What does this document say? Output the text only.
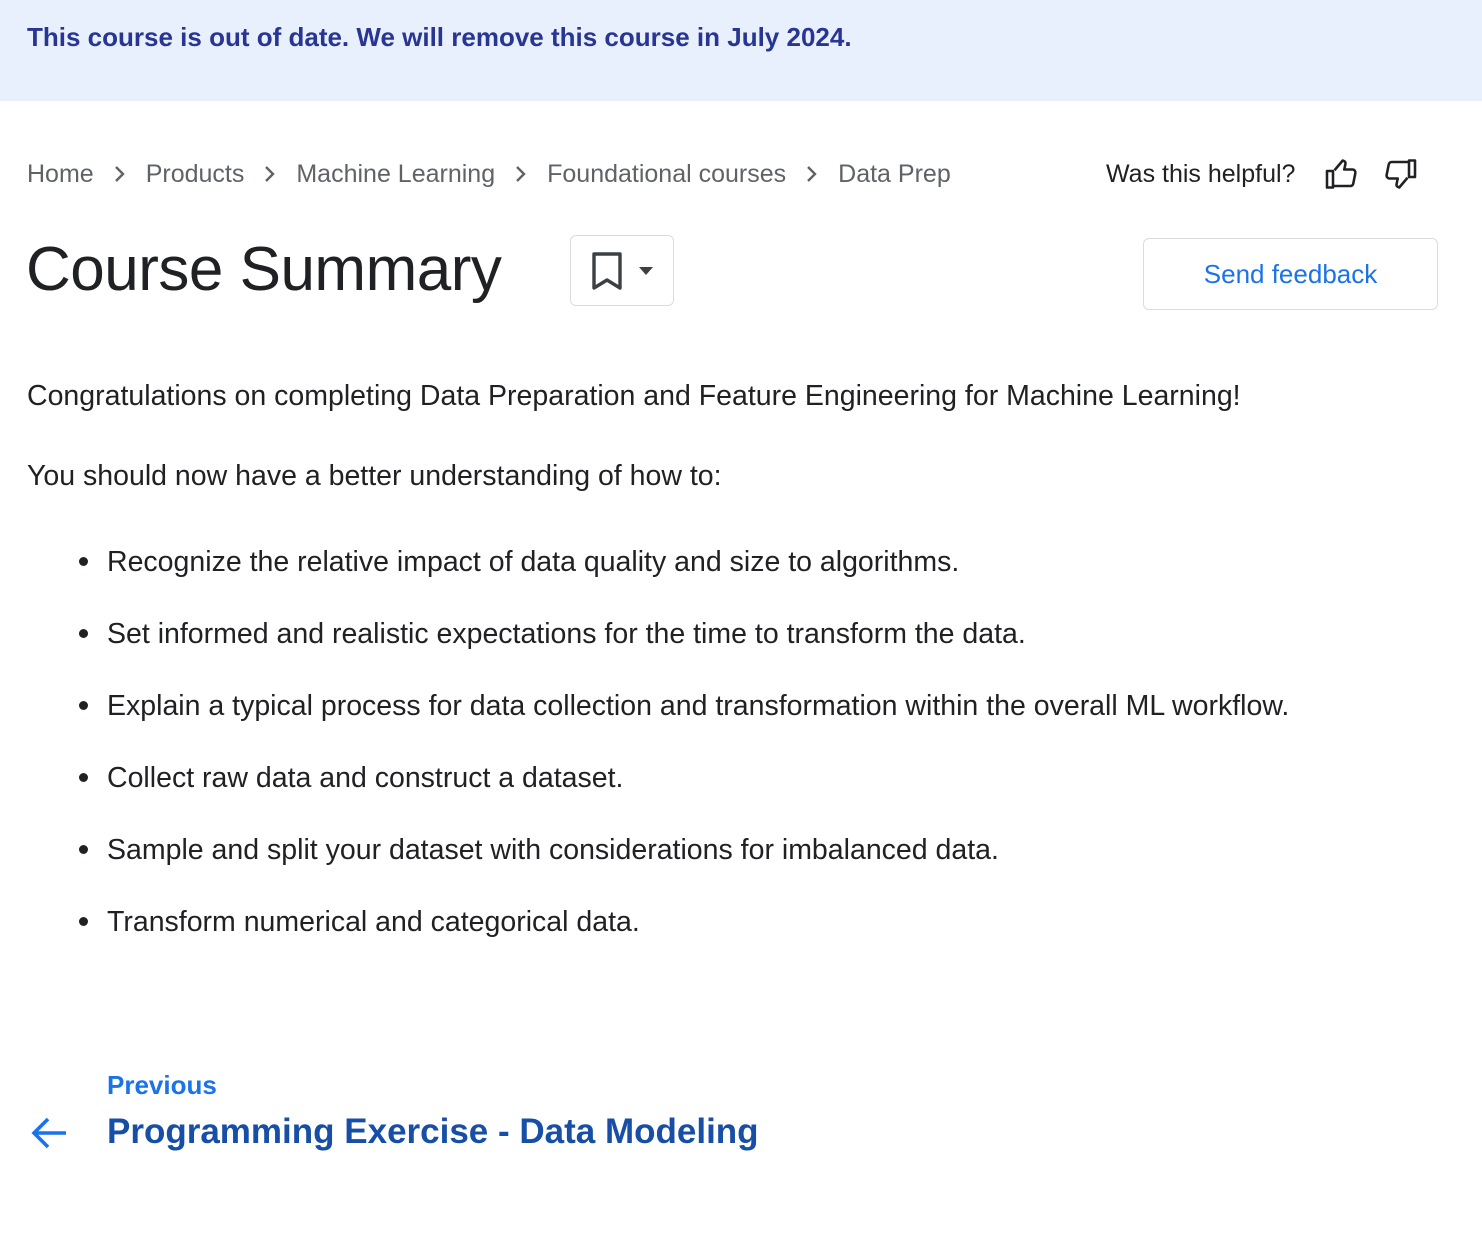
This course is out of date. We will remove this course in July 2024.
Home Products Machine Learning Foundational courses Data Prep	Was this helpful?
Course Summary	Send feedback

Congratulations on completing Data Preparation and Feature Engineering for Machine Learning!

You should now have a better understanding of how to:

Recognize the relative impact of data quality and size to algorithms.
Set informed and realistic expectations for the time to transform the data.
Explain a typical process for data collection and transformation within the overall ML workflow.
Collect raw data and construct a dataset.
Sample and split your dataset with considerations for imbalanced data.
Transform numerical and categorical data.
Previous
Programming Exercise - Data Modeling
